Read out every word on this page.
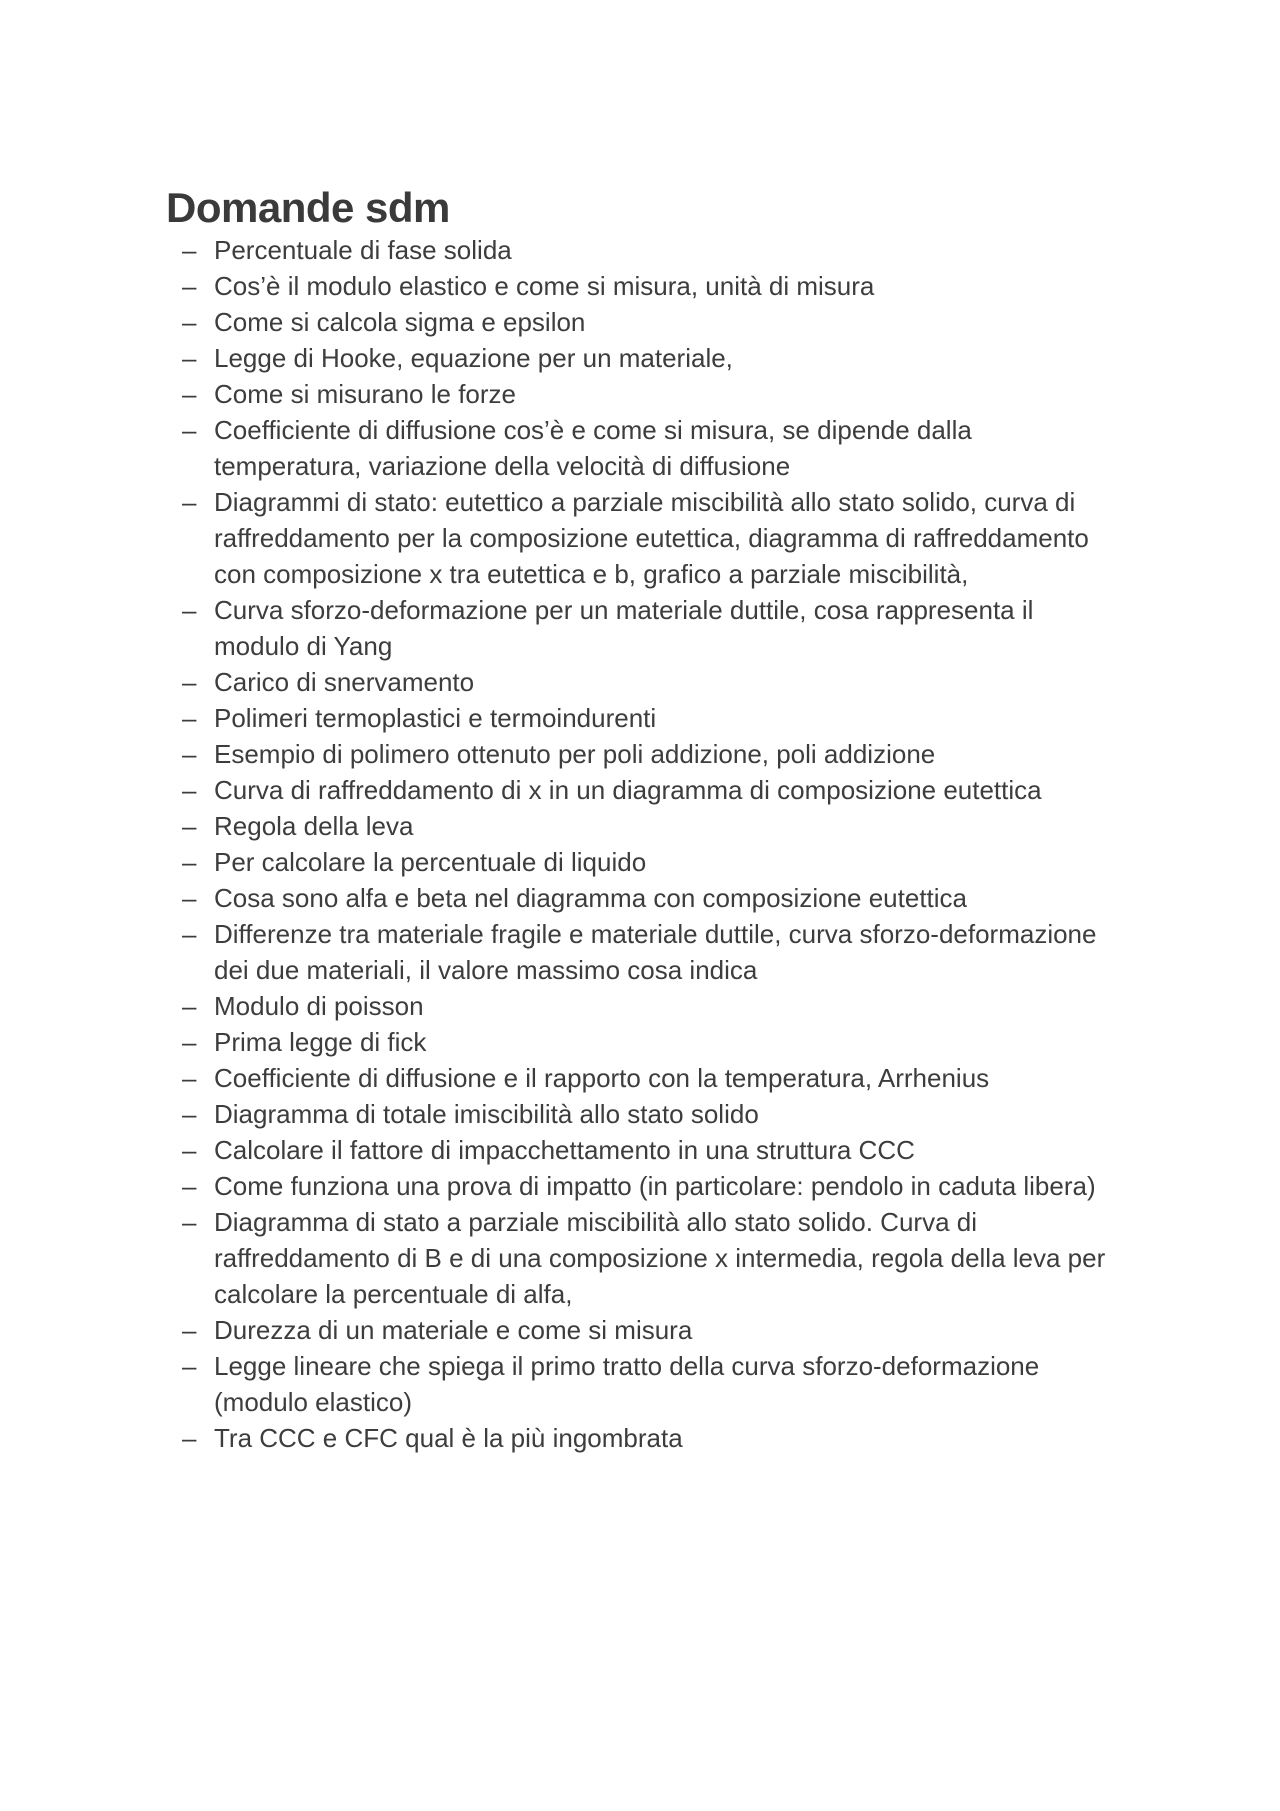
Domande sdm
– Percentuale di fase solida
– Cos’è il modulo elastico e come si misura, unità di misura
– Come si calcola sigma e epsilon
– Legge di Hooke, equazione per un materiale,
– Come si misurano le forze
– Coefficiente di diffusione cos’è e come si misura, se dipende dalla temperatura, variazione della velocità di diffusione
– Diagrammi di stato: eutettico a parziale miscibilità allo stato solido, curva di raffreddamento per la composizione eutettica, diagramma di raffreddamento con composizione x tra eutettica e b, grafico a parziale miscibilità,
– Curva sforzo-deformazione per un materiale duttile, cosa rappresenta il modulo di Yang
– Carico di snervamento
– Polimeri termoplastici e termoindurenti
– Esempio di polimero ottenuto per poli addizione, poli addizione
– Curva di raffreddamento di x in un diagramma di composizione eutettica
– Regola della leva
– Per calcolare la percentuale di liquido
– Cosa sono alfa e beta nel diagramma con composizione eutettica
– Differenze tra materiale fragile e materiale duttile, curva sforzo-deformazione dei due materiali, il valore massimo cosa indica
– Modulo di poisson
– Prima legge di fick
– Coefficiente di diffusione e il rapporto con la temperatura, Arrhenius
– Diagramma di totale imiscibilità allo stato solido
– Calcolare il fattore di impacchettamento in una struttura CCC
– Come funziona una prova di impatto (in particolare: pendolo in caduta libera)
– Diagramma di stato a parziale miscibilità allo stato solido. Curva di raffreddamento di B e di una composizione x intermedia, regola della leva per calcolare la percentuale di alfa,
– Durezza di un materiale e come si misura
– Legge lineare che spiega il primo tratto della curva sforzo-deformazione (modulo elastico)
– Tra CCC e CFC qual è la più ingombrata
